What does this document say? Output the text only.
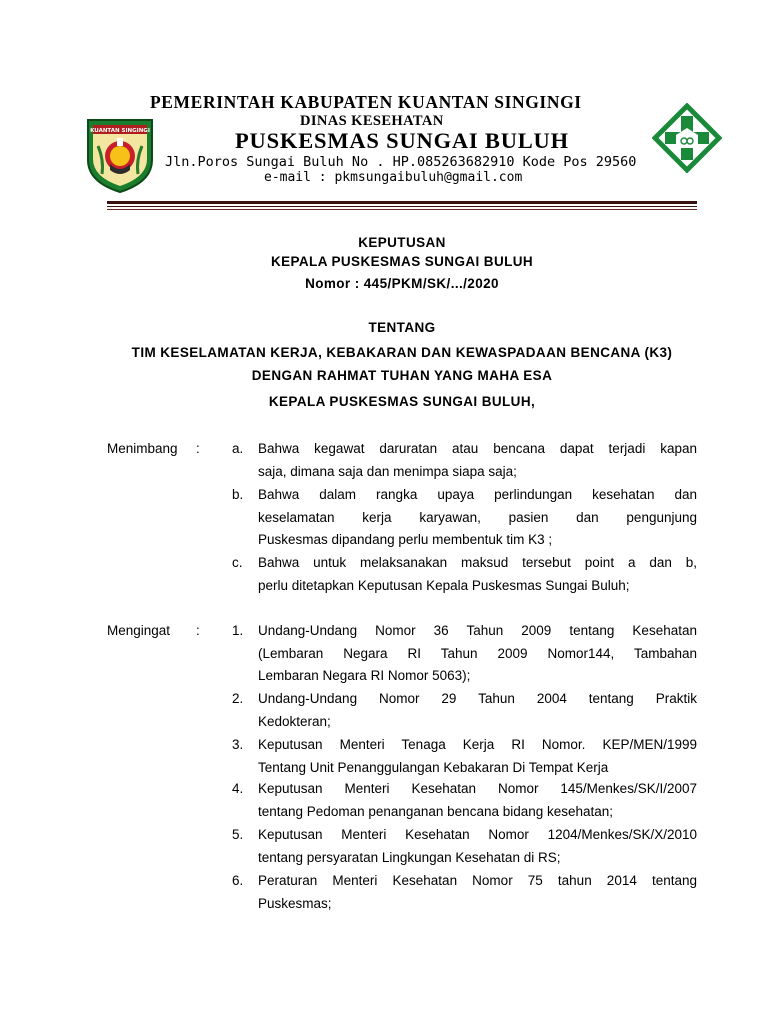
KUANTAN SINGINGI
PEMERINTAH KABUPATEN KUANTAN SINGINGI
DINAS KESEHATAN
PUSKESMAS SUNGAI BULUH
Jln.Poros Sungai Buluh No . HP.085263682910 Kode Pos 29560
e-mail : pkmsungaibuluh@gmail.com
KEPUTUSAN
KEPALA PUSKESMAS SUNGAI BULUH
Nomor : 445/PKM/SK/.../2020
TENTANG
TIM KESELAMATAN KERJA, KEBAKARAN DAN KEWASPADAAN BENCANA (K3)
DENGAN RAHMAT TUHAN YANG MAHA ESA
KEPALA PUSKESMAS SUNGAI BULUH,
Menimbang : a.	Bahwa kegawat daruratan atau bencana dapat terjadi kapan

saja, dimana saja dan menimpa siapa saja;

b.	Bahwa dalam rangka upaya perlindungan kesehatan dan

keselamatan kerja karyawan, pasien dan pengunjung

Puskesmas dipandang perlu membentuk tim K3 ;

c.	Bahwa untuk melaksanakan maksud tersebut point a dan b,

perlu ditetapkan Keputusan Kepala Puskesmas Sungai Buluh;

Mengingat : 1.	Undang-Undang Nomor 36 Tahun 2009 tentang Kesehatan

(Lembaran Negara RI Tahun 2009 Nomor144, Tambahan

Lembaran Negara RI Nomor 5063);

2.	Undang-Undang Nomor 29 Tahun 2004 tentang Praktik

Kedokteran;

3.	Keputusan Menteri Tenaga Kerja RI Nomor. KEP/MEN/1999

Tentang Unit Penanggulangan Kebakaran Di Tempat Kerja

4.	Keputusan Menteri Kesehatan Nomor 145/Menkes/SK/I/2007

tentang Pedoman penanganan bencana bidang kesehatan;

5.	Keputusan Menteri Kesehatan Nomor 1204/Menkes/SK/X/2010

tentang persyaratan Lingkungan Kesehatan di RS;

6.	Peraturan Menteri Kesehatan Nomor 75 tahun 2014 tentang

Puskesmas;
